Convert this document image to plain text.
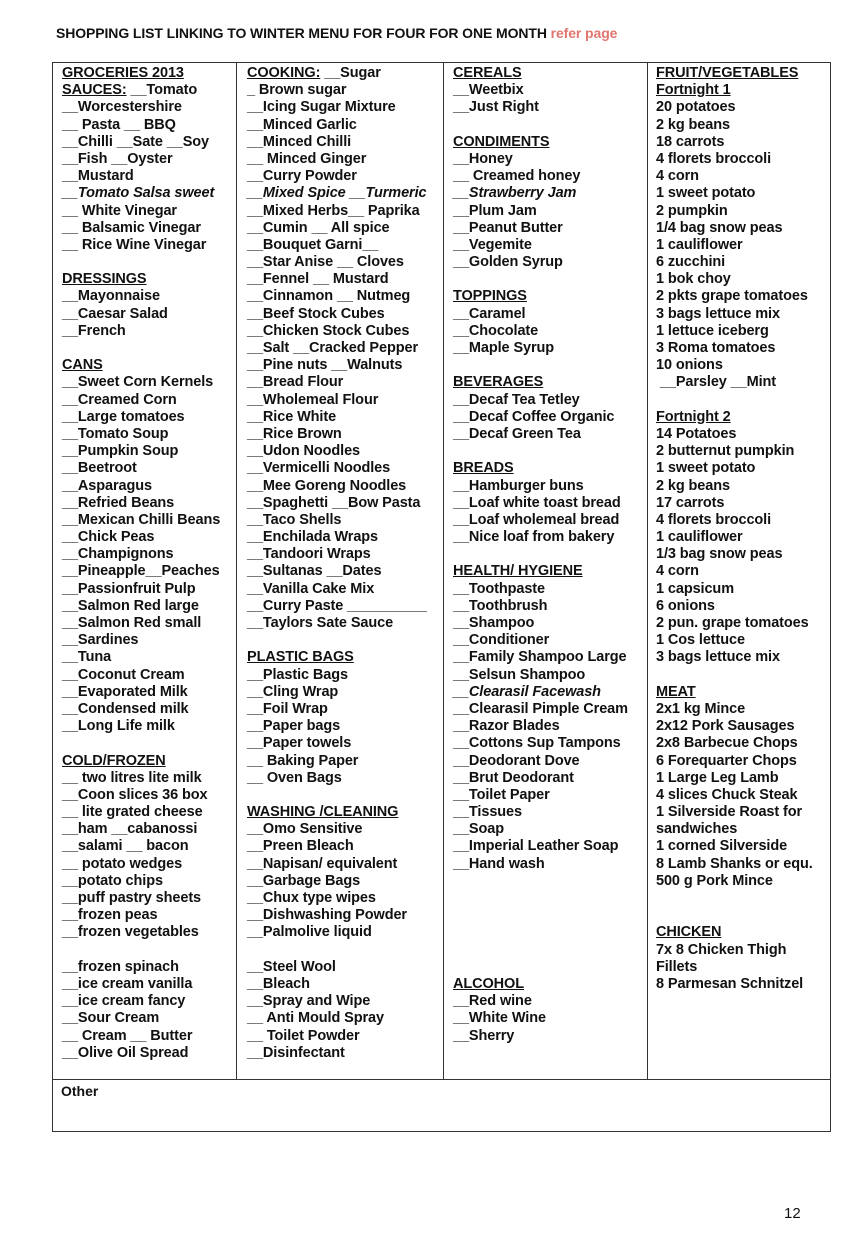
SHOPPING LIST LINKING TO WINTER MENU FOR FOUR FOR ONE MONTH refer page
GROCERIES 2013
SAUCES: __Tomato
__Worcestershire
__ Pasta __ BBQ
__Chilli __Sate __Soy
__Fish __Oyster
__Mustard
__Tomato Salsa sweet
__ White Vinegar
__ Balsamic Vinegar
__ Rice Wine Vinegar
DRESSINGS
__Mayonnaise
__Caesar Salad
__French
CANS
__Sweet Corn Kernels
__Creamed Corn
__Large tomatoes
__Tomato Soup
__Pumpkin Soup
__Beetroot
__Asparagus
__Refried Beans
__Mexican Chilli Beans
__Chick Peas
__Champignons
__Pineapple__Peaches
__Passionfruit Pulp
__Salmon Red large
__Salmon Red small
__Sardines
__Tuna
__Coconut Cream
__Evaporated Milk
__Condensed milk
__Long Life milk
COLD/FROZEN
__ two litres lite milk
__Coon slices 36 box
__ lite grated cheese
__ham __cabanossi
__salami __ bacon
__ potato wedges
__potato chips
__puff pastry sheets
__frozen peas
__frozen vegetables
__frozen spinach
__ice cream vanilla
__ice cream fancy
__Sour Cream
__ Cream __ Butter
__Olive Oil Spread
COOKING: __Sugar
_ Brown sugar
__Icing Sugar Mixture
__Minced Garlic
__Minced Chilli
__ Minced Ginger
__Curry Powder
__Mixed Spice __Turmeric
__Mixed Herbs__ Paprika
__Cumin __ All spice
__Bouquet Garni__
__Star Anise __ Cloves
__Fennel __ Mustard
__Cinnamon __ Nutmeg
__Beef Stock Cubes
__Chicken Stock Cubes
__Salt __Cracked Pepper
__Pine nuts __Walnuts
__Bread Flour
__Wholemeal Flour
__Rice White
__Rice Brown
__Udon Noodles
__Vermicelli Noodles
__Mee Goreng Noodles
__Spaghetti __Bow Pasta
__Taco Shells
__Enchilada Wraps
__Tandoori Wraps
__Sultanas __Dates
__Vanilla Cake Mix
__Curry Paste __________
__Taylors Sate Sauce
PLASTIC BAGS
__Plastic Bags
__Cling Wrap
__Foil Wrap
__Paper bags
__Paper towels
__ Baking Paper
__ Oven Bags
WASHING /CLEANING
__Omo Sensitive
__Preen Bleach
__Napisan/ equivalent
__Garbage Bags
__Chux type wipes
__Dishwashing Powder
__Palmolive liquid
__Steel Wool
__Bleach
__Spray and Wipe
__ Anti Mould Spray
__ Toilet Powder
__Disinfectant
CEREALS
__Weetbix
__Just Right
CONDIMENTS
__Honey
__ Creamed honey
__Strawberry Jam
__Plum Jam
__Peanut Butter
__Vegemite
__Golden Syrup
TOPPINGS
__Caramel
__Chocolate
__Maple Syrup
BEVERAGES
__Decaf Tea Tetley
__Decaf Coffee Organic
__Decaf Green Tea
BREADS
__Hamburger buns
__Loaf white toast bread
__Loaf wholemeal bread
__Nice loaf from bakery
HEALTH/ HYGIENE
__Toothpaste
__Toothbrush
__Shampoo
__Conditioner
__Family Shampoo Large
__Selsun Shampoo
__Clearasil Facewash
__Clearasil Pimple Cream
__Razor Blades
__Cottons Sup Tampons
__Deodorant Dove
__Brut Deodorant
__Toilet Paper
__Tissues
__Soap
__Imperial Leather Soap
__Hand wash
ALCOHOL
__Red wine
__White Wine
__Sherry
FRUIT/VEGETABLES
Fortnight 1
20 potatoes
2 kg beans
18 carrots
4 florets broccoli
4 corn
1 sweet potato
2 pumpkin
1/4 bag snow peas
1 cauliflower
6 zucchini
1 bok choy
2 pkts grape tomatoes
3 bags lettuce mix
1 lettuce iceberg
3 Roma tomatoes
10 onions
__Parsley __Mint
Fortnight 2
14 Potatoes
2 butternut pumpkin
1 sweet potato
2 kg beans
17 carrots
4 florets broccoli
1 cauliflower
1/3 bag snow peas
4 corn
1 capsicum
6 onions
2 pun. grape tomatoes
1 Cos lettuce
3 bags lettuce mix
MEAT
2x1 kg Mince
2x12 Pork Sausages
2x8 Barbecue Chops
6 Forequarter Chops
1 Large Leg Lamb
4 slices Chuck Steak
1 Silverside Roast for
sandwiches
1 corned Silverside
8 Lamb Shanks or equ.
500 g Pork Mince
CHICKEN
7x 8 Chicken Thigh
Fillets
8 Parmesan Schnitzel
Other
12
